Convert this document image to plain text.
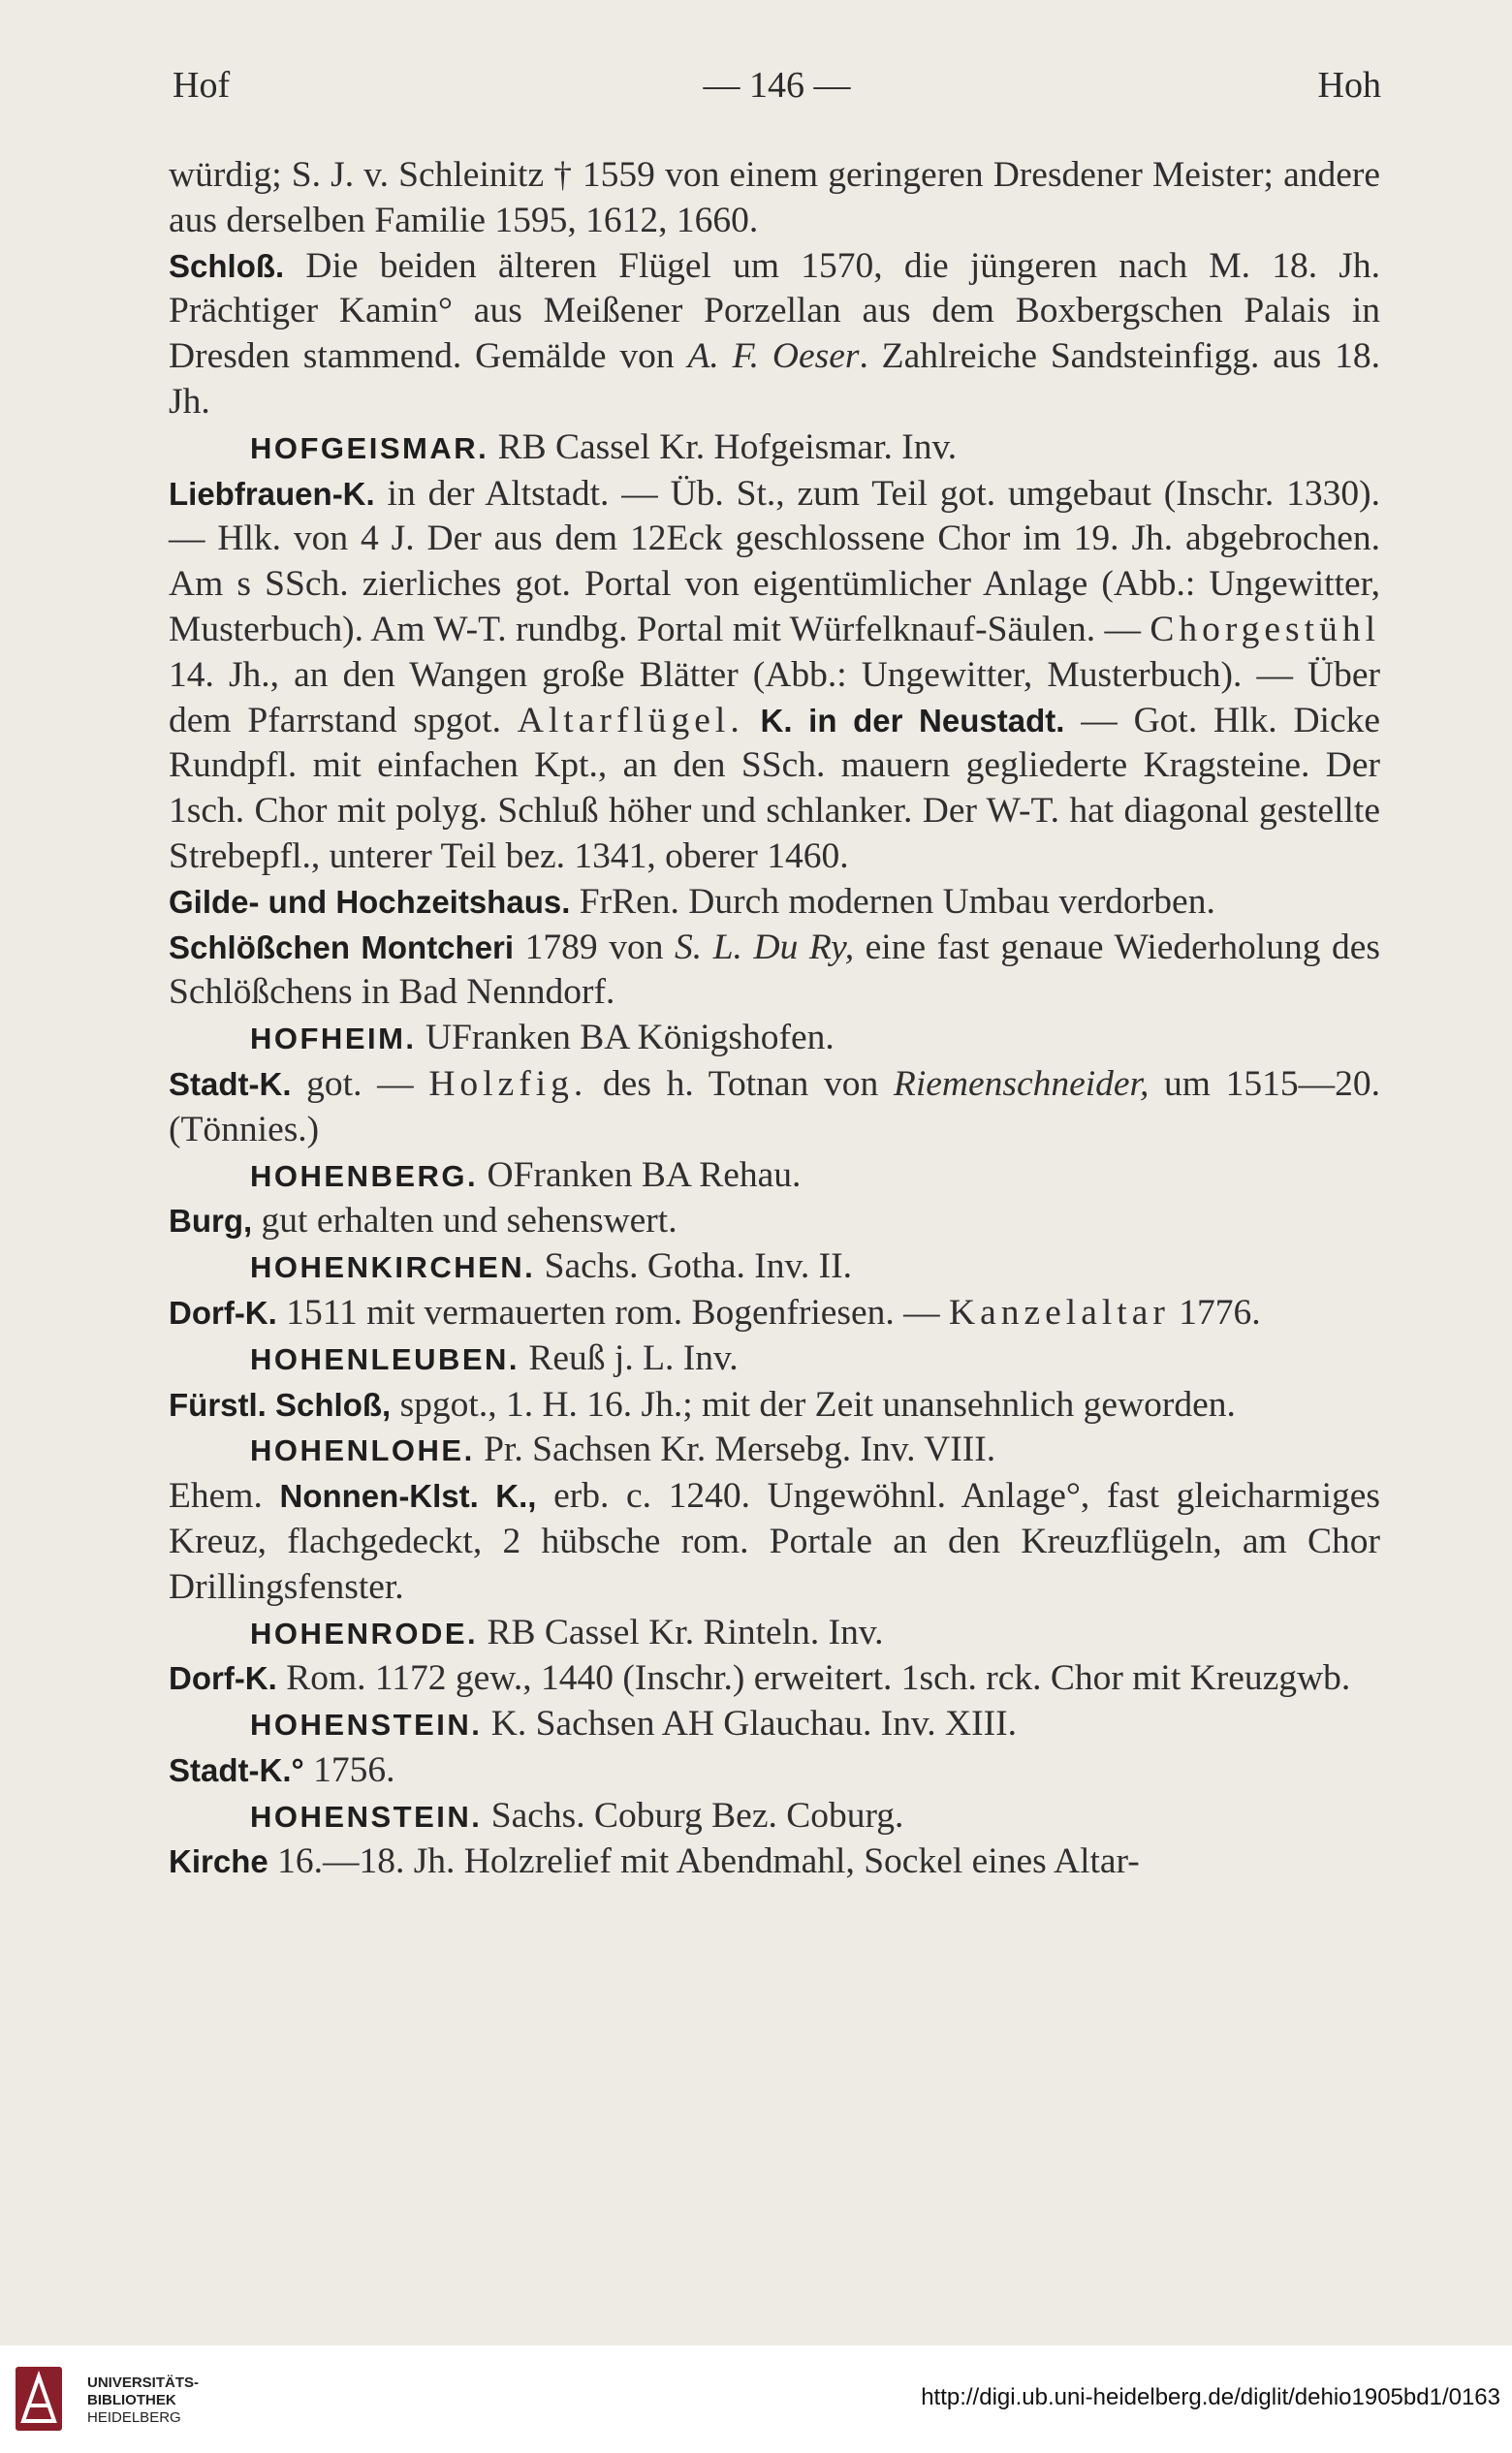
Hof	— 146 —	Hoh

würdig; S. J. v. Schleinitz † 1559 von einem geringeren Dresdener Meister; andere aus derselben Familie 1595, 1612, 1660.

Schloß. Die beiden älteren Flügel um 1570, die jüngeren nach M. 18. Jh. Prächtiger Kamin° aus Meißener Porzellan aus dem Boxbergschen Palais in Dresden stammend. Gemälde von A. F. Oeser. Zahlreiche Sandsteinfigg. aus 18. Jh.

HOFGEISMAR. RB Cassel Kr. Hofgeismar. Inv.

Liebfrauen-K. in der Altstadt. — Üb. St., zum Teil got. umgebaut (Inschr. 1330). — Hlk. von 4 J. Der aus dem 12Eck geschlossene Chor im 19. Jh. abgebrochen. Am s SSch. zierliches got. Portal von eigentümlicher Anlage (Abb.: Ungewitter, Musterbuch). Am W-T. rundbg. Portal mit Würfelknauf-Säulen. — Chorgestühl 14. Jh., an den Wangen große Blätter (Abb.: Ungewitter, Musterbuch). — Über dem Pfarrstand spgot. Altarflügel. K. in der Neustadt. — Got. Hlk. Dicke Rundpfl. mit einfachen Kpt., an den SSch. mauern gegliederte Kragsteine. Der 1sch. Chor mit polyg. Schluß höher und schlanker. Der W-T. hat diagonal gestellte Strebepfl., unterer Teil bez. 1341, oberer 1460.

Gilde- und Hochzeitshaus. FrRen. Durch modernen Umbau verdorben.

Schlößchen Montcheri 1789 von S. L. Du Ry, eine fast genaue Wiederholung des Schlößchens in Bad Nenndorf.

HOFHEIM. UFranken BA Königshofen.

Stadt-K. got. — Holzfig. des h. Totnan von Riemenschneider, um 1515—20. (Tönnies.)

HOHENBERG. OFranken BA Rehau.

Burg, gut erhalten und sehenswert.

HOHENKIRCHEN. Sachs. Gotha. Inv. II.

Dorf-K. 1511 mit vermauerten rom. Bogenfriesen. — Kanzelaltar 1776.

HOHENLEUBEN. Reuß j. L. Inv.

Fürstl. Schloß, spgot., 1. H. 16. Jh.; mit der Zeit unansehnlich geworden.

HOHENLOHE. Pr. Sachsen Kr. Mersebg. Inv. VIII.

Ehem. Nonnen-Klst. K., erb. c. 1240. Ungewöhnl. Anlage°, fast gleicharmiges Kreuz, flachgedeckt, 2 hübsche rom. Portale an den Kreuzflügeln, am Chor Drillingsfenster.

HOHENRODE. RB Cassel Kr. Rinteln. Inv.

Dorf-K. Rom. 1172 gew., 1440 (Inschr.) erweitert. 1sch. rck. Chor mit Kreuzgwb.

HOHENSTEIN. K. Sachsen AH Glauchau. Inv. XIII.

Stadt-K.° 1756.

HOHENSTEIN. Sachs. Coburg Bez. Coburg.

Kirche 16.—18. Jh. Holzrelief mit Abendmahl, Sockel eines Altar-

UNIVERSITÄTS-
BIBLIOTHEK
HEIDELBERG
http://digi.ub.uni-heidelberg.de/diglit/dehio1905bd1/0163
